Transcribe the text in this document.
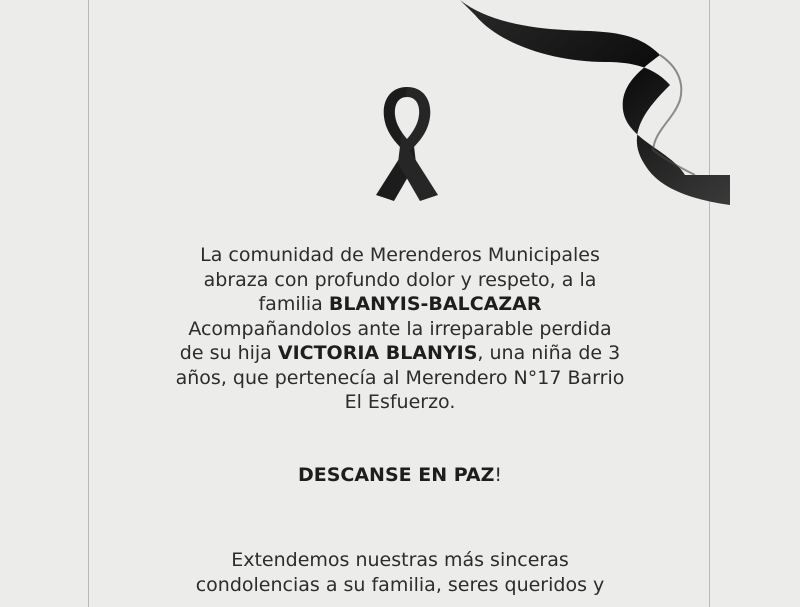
La comunidad de Merenderos Municipales
abraza con profundo dolor y respeto, a la
familia BLANYIS-BALCAZAR
Acompañandolos ante la irreparable perdida
de su hija VICTORIA BLANYIS, una niña de 3
años, que pertenecía al Merendero N°17 Barrio
El Esfuerzo.
DESCANSE EN PAZ!
Extendemos nuestras más sinceras
condolencias a su familia, seres queridos y
